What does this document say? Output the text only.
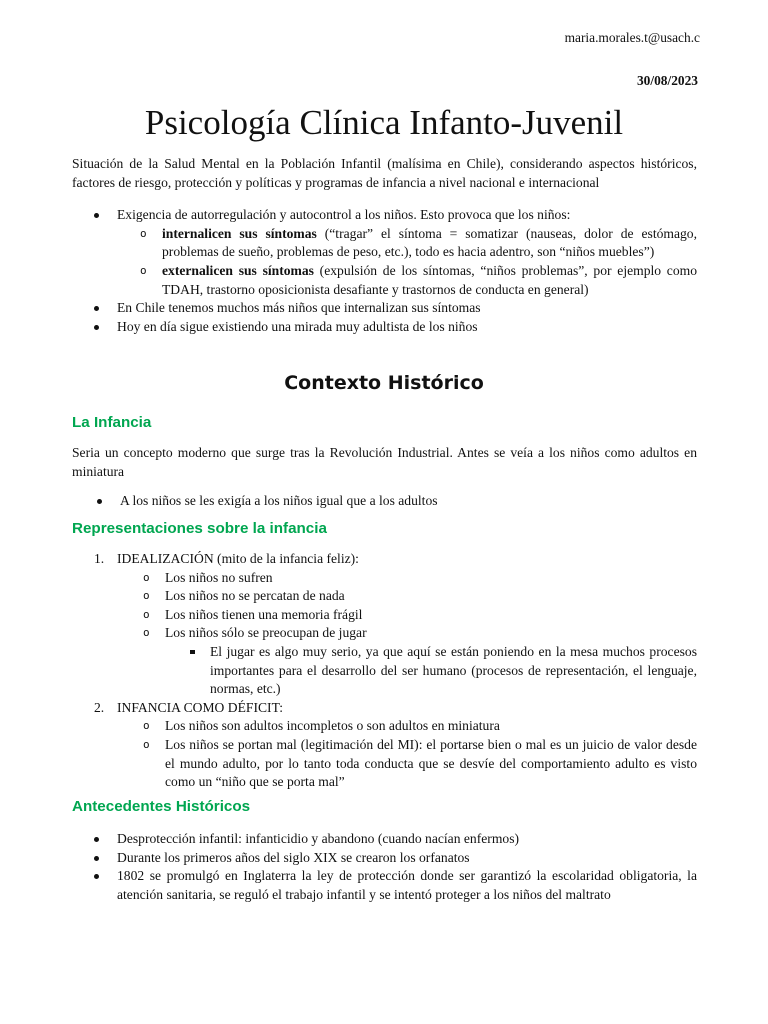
maria.morales.t@usach.c
30/08/2023
Psicología Clínica Infanto-Juvenil

Situación de la Salud Mental en la Población Infantil (malísima en Chile), considerando aspectos históricos, factores de riesgo, protección y políticas y programas de infancia a nivel nacional e internacional

Exigencia de autorregulación y autocontrol a los niños. Esto provoca que los niños:
o internalicen sus síntomas (“tragar” el síntoma = somatizar (nauseas, dolor de estómago, problemas de sueño, problemas de peso, etc.), todo es hacia adentro, son “niños muebles”)
o externalicen sus síntomas (expulsión de los síntomas, “niños problemas”, por ejemplo como TDAH, trastorno oposicionista desafiante y trastornos de conducta en general)
En Chile tenemos muchos más niños que internalizan sus síntomas
Hoy en día sigue existiendo una mirada muy adultista de los niños
Contexto Histórico
La Infancia

Seria un concepto moderno que surge tras la Revolución Industrial. Antes se veía a los niños como adultos en miniatura

A los niños se les exigía a los niños igual que a los adultos
Representaciones sobre la infancia
1. IDEALIZACIÓN (mito de la infancia feliz):
o Los niños no sufren
o Los niños no se percatan de nada
o Los niños tienen una memoria frágil
o Los niños sólo se preocupan de jugar
El jugar es algo muy serio, ya que aquí se están poniendo en la mesa muchos procesos importantes para el desarrollo del ser humano (procesos de representación, el lenguaje, normas, etc.)
2. INFANCIA COMO DÉFICIT:
o Los niños son adultos incompletos o son adultos en miniatura
o Los niños se portan mal (legitimación del MI): el portarse bien o mal es un juicio de valor desde el mundo adulto, por lo tanto toda conducta que se desvíe del comportamiento adulto es visto como un “niño que se porta mal”
Antecedentes Históricos
Desprotección infantil: infanticidio y abandono (cuando nacían enfermos)
Durante los primeros años del siglo XIX se crearon los orfanatos
1802 se promulgó en Inglaterra la ley de protección donde ser garantizó la escolaridad obligatoria, la atención sanitaria, se reguló el trabajo infantil y se intentó proteger a los niños del maltrato
